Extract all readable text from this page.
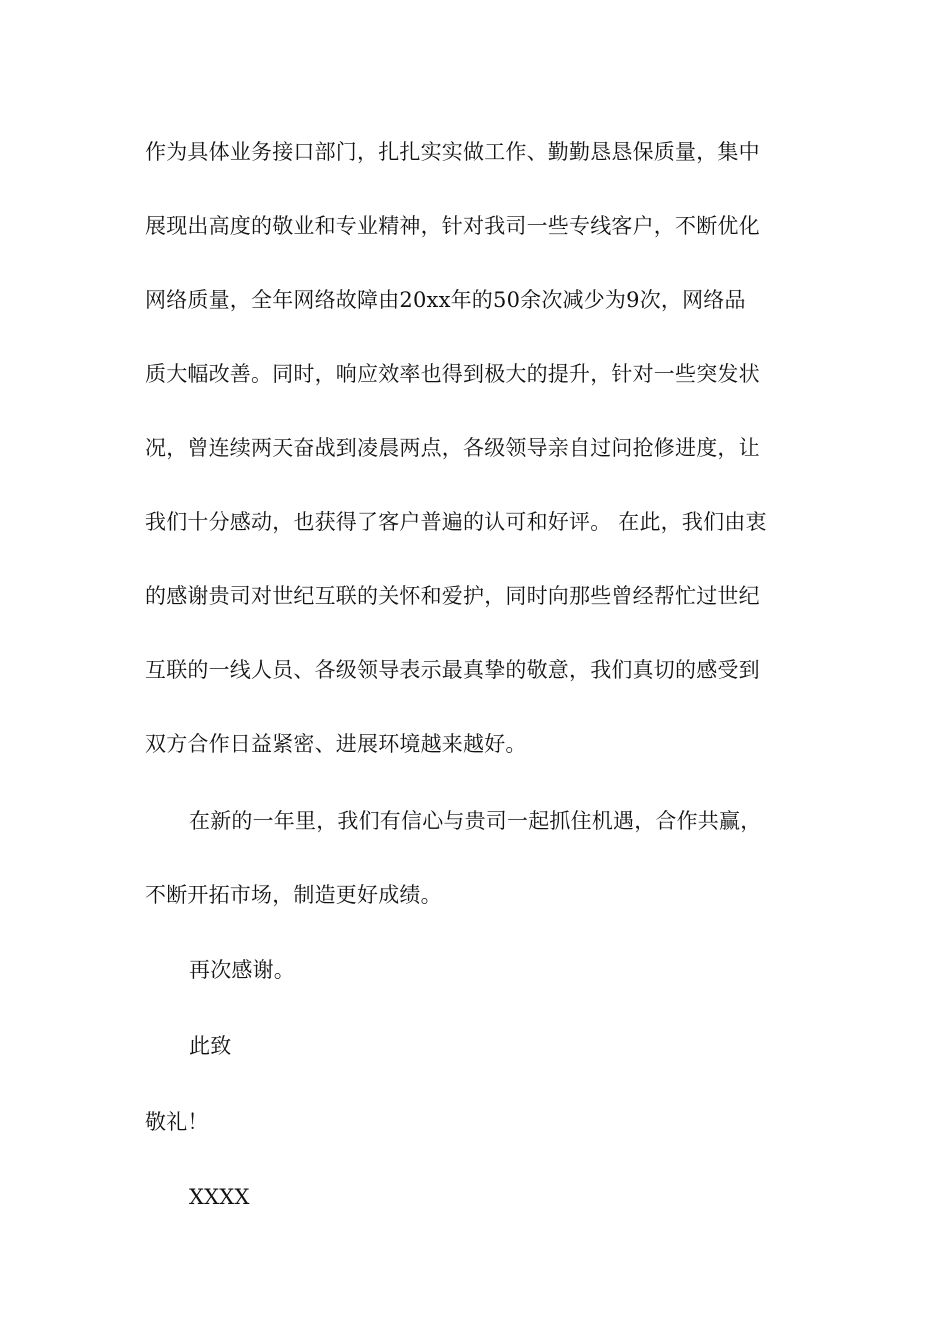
作为具体业务接口部门，扎扎实实做工作、勤勤恳恳保质量，集中
展现出高度的敬业和专业精神，针对我司一些专线客户，不断优化
网络质量，全年网络故障由20xx年的50余次减少为9次，网络品
质大幅改善。同时，响应效率也得到极大的提升，针对一些突发状
况，曾连续两天奋战到凌晨两点，各级领导亲自过问抢修进度，让
我们十分感动，也获得了客户普遍的认可和好评。 在此，我们由衷
的感谢贵司对世纪互联的关怀和爱护，同时向那些曾经帮忙过世纪
互联的一线人员、各级领导表示最真挚的敬意，我们真切的感受到
双方合作日益紧密、进展环境越来越好。
在新的一年里，我们有信心与贵司一起抓住机遇，合作共赢，
不断开拓市场，制造更好成绩。
再次感谢。
此致
敬礼！
XXXX
